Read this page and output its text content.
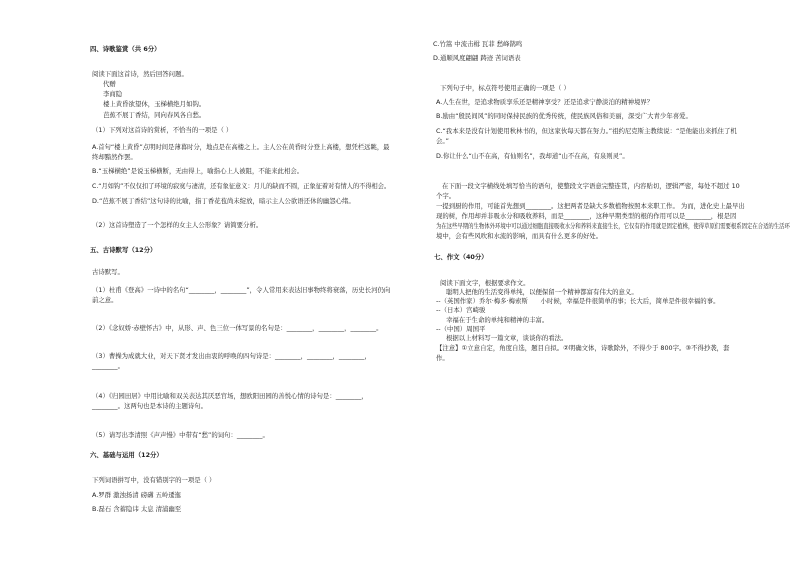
四、诗歌鉴赏（共 6分）
阅读下面这首诗，然后回答问题。
代赠
李商隐
楼上黄昏欲望休，玉梯横绝月如钩。
芭蕉不展丁香结，同向春风各自愁。
（1）下列对这首诗的赏析，不恰当的一项是（ ）
A.首句“楼上黄昏”点明时间是薄暮时分，地点是在高楼之上。主人公在黄昏时分登上高楼，想凭栏远眺，最
终却黯然作罢。
B.“玉梯横绝”是说玉梯横断，无由得上，喻指心上人被阻，不能来此相会。
C.“月如钩”不仅仅扣了环境的寂寞与凄清，还有象征意义：月儿的缺而不圆，正象征着对有情人的不得相会。
D.“芭蕉不展丁香结”这句诗的比喻，指丁香花苞尚未绽放，暗示主人公欲语还休的幽怨心绪。
（2）这首诗塑造了一个怎样的女主人公形象？请简要分析。
五、古诗默写（12分）
古诗默写。
（1）杜甫《登高》一诗中的名句“________，________”，令人常用来表达旧事物终将衰落，历史长河仍向
前之意。
（2）《念奴娇·赤壁怀古》中，从形、声、色三位一体写景的名句是：________，________，________。
（3）曹操为成就大业，对天下贤才发出由衷的呼唤的四句诗是：________，________，________，
________。
（4）《归园田居》中用比喻和双关表达其厌恶官场，想欧阳田园的善悦心情的诗句是：________，
________。这两句也是本诗的主题诗句。
（5）请写出李清照《声声慢》中带有“愁”的词句：________。
六、基础与运用（12分）
下列词语拼写中，没有错别字的一项是（ ）
A.罗群 激浊扬清 磅礴 五岭逶迤
B.磊石 含蓄隐讳 太息 清浦幽至
C.竹篙 中流击楫 瓦菲 愁峰鹊鸣
D.通顺风度翩翩 踌迹 苦词语表
下列句子中，标点符号使用正确的一项是（ ）
A.人生在世，是追求物质享乐还是精神享受？还是追求宁静淡泊的精神境界？
B.励由“殷民间风”的同时保持民族的优秀传统，使民族风俗和美丽，深受广大青少年喜爱。
C.“我本来是没有计划使用秋林书的，但这家伙每天都在努力。”祖约尼克斯主教续说：“是他能出来抓住了机
会。”
D.你让什么“山不在高，有仙则名”，我却道“山不在高，有泉则灵”。
在下面一段文字横线处填写恰当的语句，使整段文字语意完整连贯，内容贴切，逻辑严密，每处不超过 10
个字。
一提到厨的作用，可能首先想到________。这把两者是缺大多数植物按照本来职工作。 为而，进化史上最早出
现的树，作用却并非吸水分和吸收养料，而是________，这种早期类型的根的作用可以是________，根是因
为在这些早期的生物体外环境中可以通过细胞直接吸收水分和养料来直接生长，它仅有的作用就是固定植株，使得草原们需要根系固定在合适的生活环
境中，会有些风吹和水流的影响，而具有什么更多的好处。
七、作文（40分）
阅读下面文字，根据要求作文。
聪明人把他的生活变得单纯，以便保留一个精神都富有伟大的意义。
--（英国作家）乔尔·梅多·梅索斯　　小时候，幸福是件很简单的事；长大后，简单是件很幸福的事。
--（日本）宫崎骏
幸福在于生命的单纯和精神的丰富。
--（中国）周国平
根据以上材料写一篇文章，谈谈你的看法。
【注意】①立意自定，角度自选，题目自拟。②明确文体，诗歌除外，不得少于 800字。③不得抄袭，套
作。
